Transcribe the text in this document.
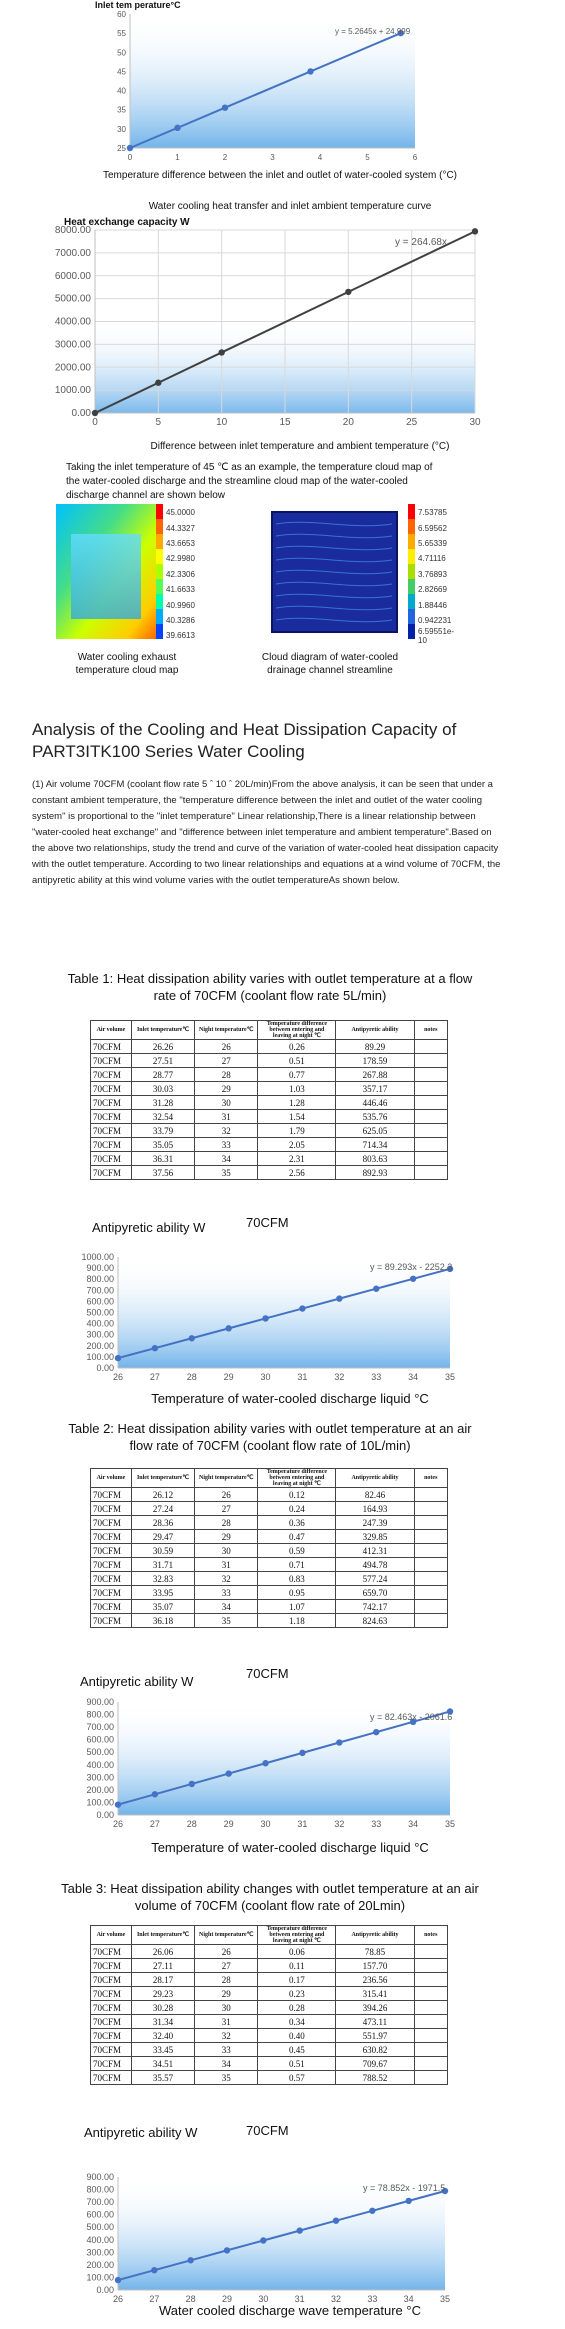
25
30
35
40
45
50
55
60
0	1	2	3	4	5	6
y = 5.2645x + 24.999
Inlet tem perature°C
Temperature difference between the inlet and outlet of water-cooled system (°C)
Water cooling heat transfer and inlet ambient temperature curve
Heat exchange capacity W
0.00
1000.00
2000.00
3000.00
4000.00
5000.00
6000.00
7000.00
8000.00
0	5	10	15	20	25	30
y = 264.68x
Difference between inlet temperature and ambient temperature (°C)
Taking the inlet temperature of 45 ℃ as an example, the temperature cloud map of the water-cooled discharge and the streamline cloud map of the water-cooled discharge channel are shown below
45.0000
44.3327
43.6653
42.9980
42.3306
41.6633
40.9960
40.3286
39.6613
Water cooling exhaust temperature cloud map
7.53785
6.59562
5.65339
4.71116
3.76893
2.82669
1.88446
0.942231
6.59551e-10
Cloud diagram of water-cooled drainage channel streamline
Analysis of the Cooling and Heat Dissipation Capacity of PART3ITK100 Series Water Cooling
(1) Air volume 70CFM (coolant flow rate 5 ˆ 10 ˆ 20L/min)From the above analysis, it can be seen that under a constant ambient temperature, the "temperature difference between the inlet and outlet of the water cooling system" is proportional to the "inlet temperature" Linear relationship,There is a linear relationship between "water-cooled heat exchange" and "difference between inlet temperature and ambient temperature".Based on the above two relationships, study the trend and curve of the variation of water-cooled heat dissipation capacity with the outlet temperature. According to two linear relationships and equations at a wind volume of 70CFM, the antipyretic ability at this wind volume varies with the outlet temperatureAs shown below.
Table 1: Heat dissipation ability varies with outlet temperature at a flow rate of 70CFM (coolant flow rate 5L/min)
Air volume	Inlet temperature℃	Night temperature℃	Temperature difference between entering and leaving at night ℃	Antipyretic ability	notes
70CFM	26.26	26	0.26	89.29	
70CFM	27.51	27	0.51	178.59	
70CFM	28.77	28	0.77	267.88	
70CFM	30.03	29	1.03	357.17	
70CFM	31.28	30	1.28	446.46	
70CFM	32.54	31	1.54	535.76	
70CFM	33.79	32	1.79	625.05	
70CFM	35.05	33	2.05	714.34	
70CFM	36.31	34	2.31	803.63	
70CFM	37.56	35	2.56	892.93	
Antipyretic ability W	70CFM
0.00
100.00
200.00
300.00
400.00
500.00
600.00
700.00
800.00
900.00
1000.00
26	27	28	29	30	31	32	33	34	35
y = 89.293x - 2252.3
Temperature of water-cooled discharge liquid °C
Table 2: Heat dissipation ability varies with outlet temperature at an air flow rate of 70CFM (coolant flow rate of 10L/min)
Air volume	Inlet temperature℃	Night temperature℃	Temperature difference between entering and leaving at night ℃	Antipyretic ability	notes
70CFM	26.12	26	0.12	82.46	
70CFM	27.24	27	0.24	164.93	
70CFM	28.36	28	0.36	247.39	
70CFM	29.47	29	0.47	329.85	
70CFM	30.59	30	0.59	412.31	
70CFM	31.71	31	0.71	494.78	
70CFM	32.83	32	0.83	577.24	
70CFM	33.95	33	0.95	659.70	
70CFM	35.07	34	1.07	742.17	
70CFM	36.18	35	1.18	824.63	
Antipyretic ability W
70CFM
0.00
100.00
200.00
300.00
400.00
500.00
600.00
700.00
800.00
900.00
26	27	28	29	30	31	32	33	34	35
y = 82.463x - 2061.6
Temperature of water-cooled discharge liquid °C
Table 3: Heat dissipation ability changes with outlet temperature at an air volume of 70CFM (coolant flow rate of 20Lmin)
Air volume	Inlet temperature℃	Night temperature℃	Temperature difference between entering and leaving at night ℃	Antipyretic ability	notes
70CFM	26.06	26	0.06	78.85	
70CFM	27.11	27	0.11	157.70	
70CFM	28.17	28	0.17	236.56	
70CFM	29.23	29	0.23	315.41	
70CFM	30.28	30	0.28	394.26	
70CFM	31.34	31	0.34	473.11	
70CFM	32.40	32	0.40	551.97	
70CFM	33.45	33	0.45	630.82	
70CFM	34.51	34	0.51	709.67	
70CFM	35.57	35	0.57	788.52	
Antipyretic ability W	70CFM
0.00
100.00
200.00
300.00
400.00
500.00
600.00
700.00
800.00
900.00
26	27	28	29	30	31	32	33	34	35
y = 78.852x - 1971.5
Water cooled discharge wave temperature °C
